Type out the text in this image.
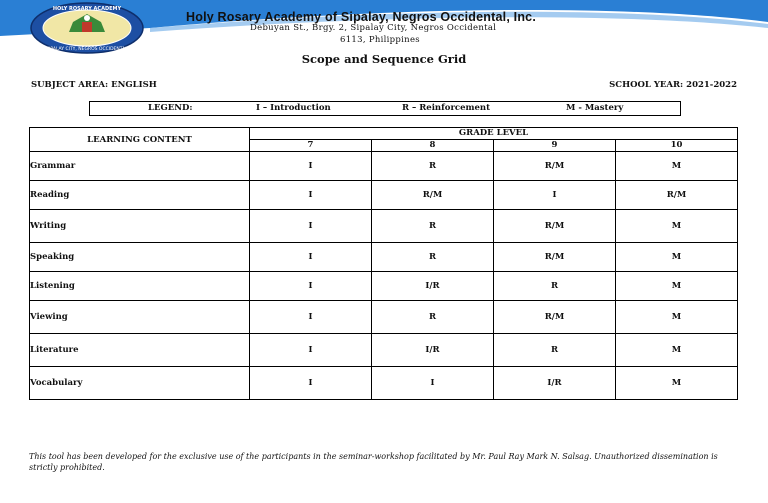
HOLY ROSARY ACADEMY
SIPALAY CITY, NEGROS OCCIDENTAL
Holy Rosary Academy of Sipalay, Negros Occidental, Inc.
Debuyan St., Brgy. 2, Sipalay City, Negros Occidental
6113, Philippines
Scope and Sequence Grid
SUBJECT AREA: ENGLISH	SCHOOL YEAR: 2021-2022
LEGEND:	I – Introduction	R – Reinforcement	M - Mastery
LEARNING CONTENT	GRADE LEVEL			
	7	8	9	10
Grammar	I	R	R/M	M
Reading	I	R/M	I	R/M
Writing	I	R	R/M	M
Speaking	I	R	R/M	M
Listening	I	I/R	R	M
Viewing	I	R	R/M	M
Literature	I	I/R	R	M
Vocabulary	I	I	I/R	M
This tool has been developed for the exclusive use of the participants in the seminar-workshop facilitated by Mr. Paul Ray Mark N. Salsag. Unauthorized dissemination is strictly prohibited.
